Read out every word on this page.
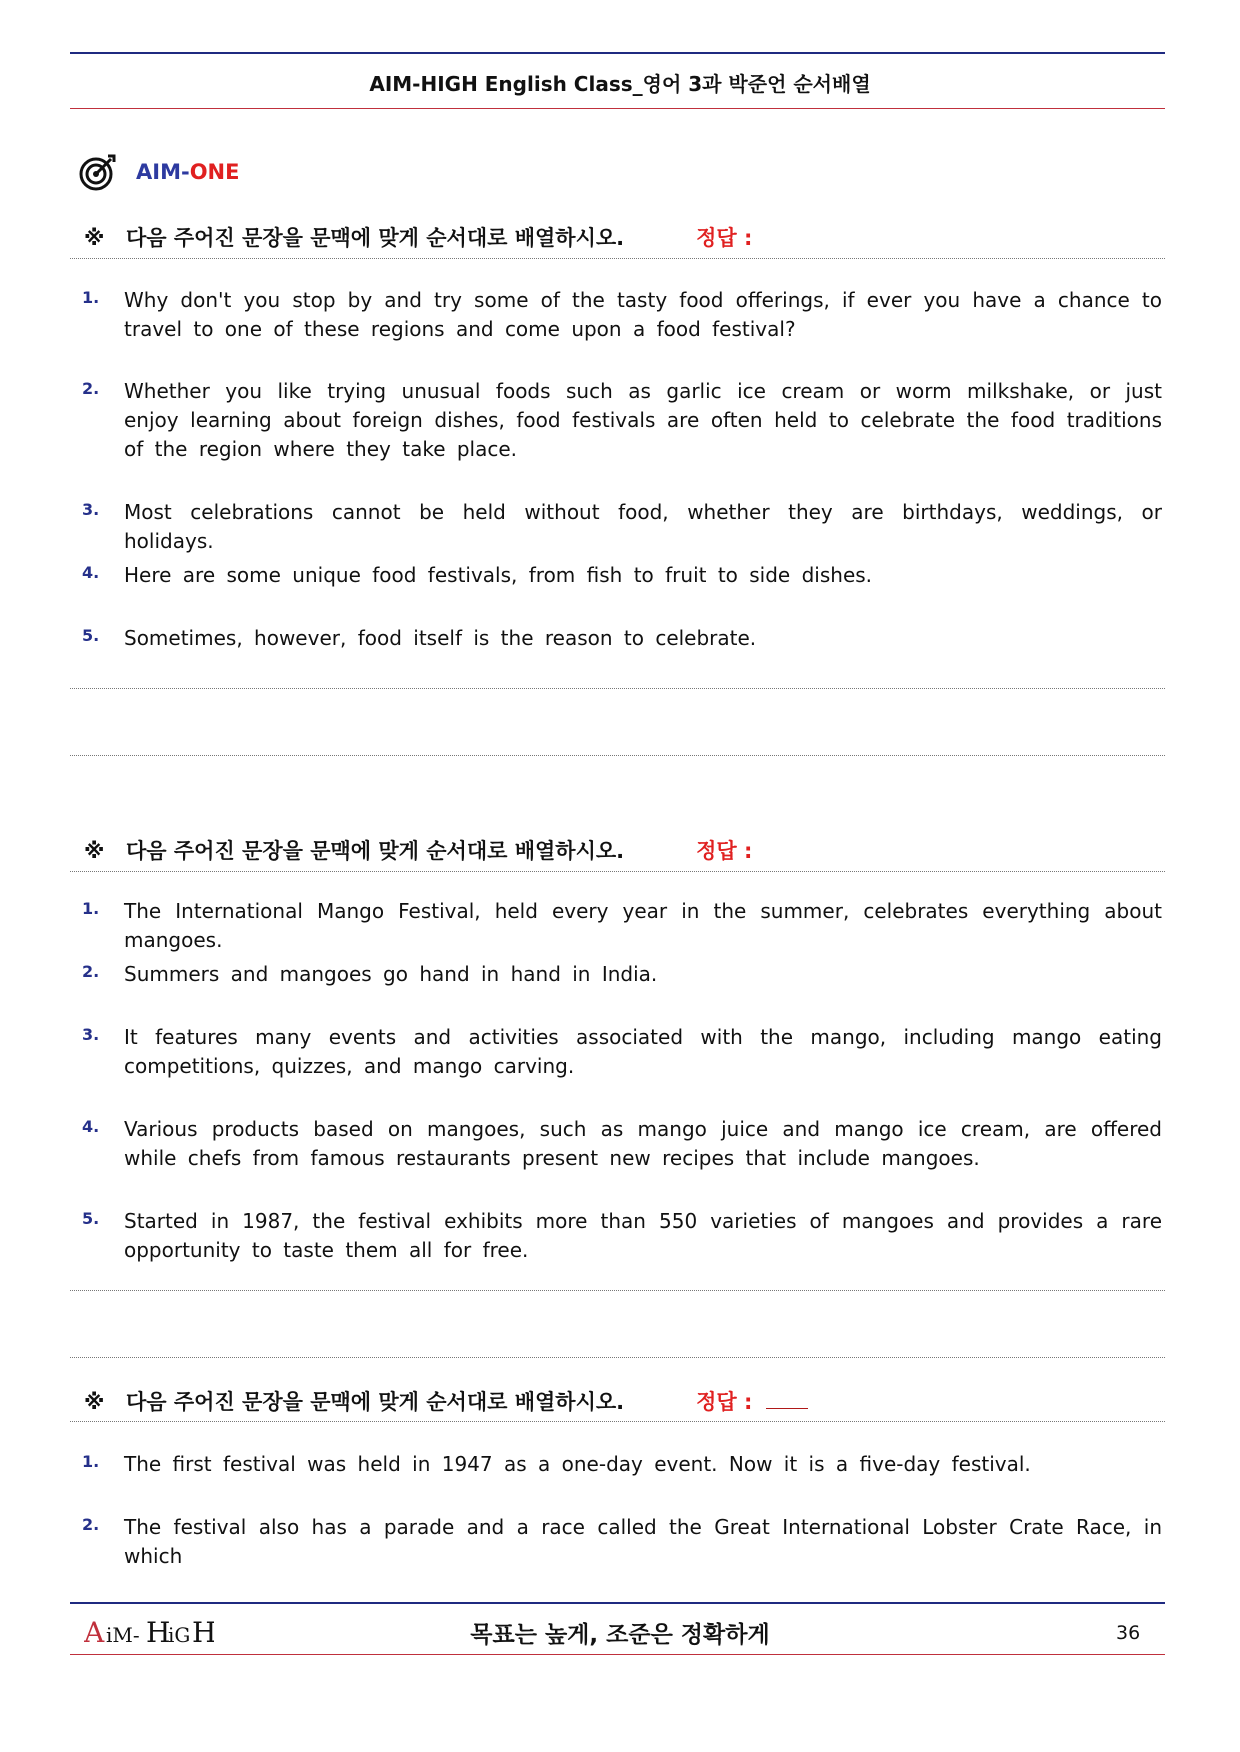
AIM-HIGH English Class_영어 3과 박준언 순서배열
AIM-ONE
※	다음 주어진 문장을 문맥에 맞게 순서대로 배열하시오.	정답 :
1. Why don't you stop by and try some of the tasty food offerings, if ever you have a chance to travel to one of these regions and come upon a food festival?
2. Whether you like trying unusual foods such as garlic ice cream or worm milkshake, or just enjoy learning about foreign dishes, food festivals are often held to celebrate the food traditions of the region where they take place.
3. Most celebrations cannot be held without food, whether they are birthdays, weddings, or holidays.
4. Here are some unique food festivals, from fish to fruit to side dishes.
5. Sometimes, however, food itself is the reason to celebrate.
※	다음 주어진 문장을 문맥에 맞게 순서대로 배열하시오.	정답 :
1. The International Mango Festival, held every year in the summer, celebrates everything about mangoes.
2. Summers and mangoes go hand in hand in India.
3. It features many events and activities associated with the mango, including mango eating competitions, quizzes, and mango carving.
4. Various products based on mangoes, such as mango juice and mango ice cream, are offered while chefs from famous restaurants present new recipes that include mangoes.
5. Started in 1987, the festival exhibits more than 550 varieties of mangoes and provides a rare opportunity to taste them all for free.
※	다음 주어진 문장을 문맥에 맞게 순서대로 배열하시오.	정답 :
1. The first festival was held in 1947 as a one-day event. Now it is a five-day festival.
2. The festival also has a parade and a race called the Great International Lobster Crate Race, in which
A iM- H
iG H	목표는 높게, 조준은 정확하게	36
